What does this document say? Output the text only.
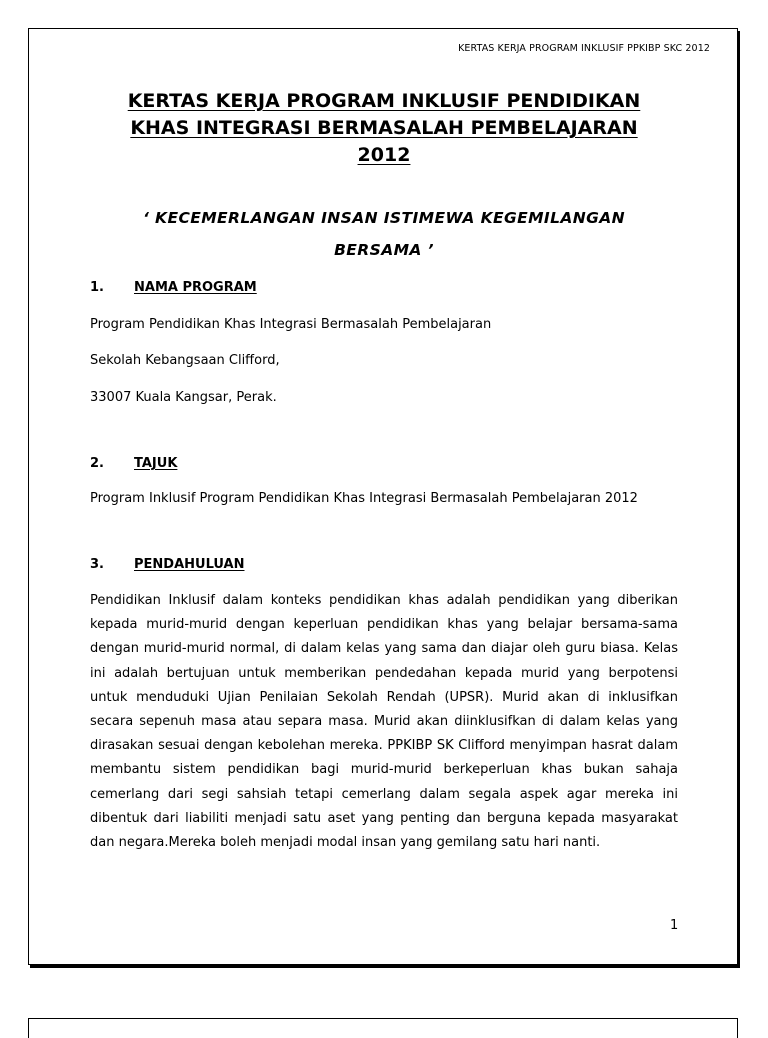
KERTAS KERJA PROGRAM INKLUSIF PPKIBP SKC 2012
KERTAS KERJA PROGRAM INKLUSIF PENDIDIKAN
KHAS INTEGRASI BERMASALAH PEMBELAJARAN
2012
‘ KECEMERLANGAN INSAN ISTIMEWA KEGEMILANGAN
BERSAMA ’
1. NAMA PROGRAM
Program Pendidikan Khas Integrasi Bermasalah Pembelajaran
Sekolah Kebangsaan Clifford,
33007 Kuala Kangsar, Perak.
2. TAJUK
Program Inklusif Program Pendidikan Khas Integrasi Bermasalah Pembelajaran 2012
3. PENDAHULUAN

Pendidikan Inklusif dalam konteks pendidikan khas adalah pendidikan yang diberikan kepada murid-murid dengan keperluan pendidikan khas yang belajar bersama-sama dengan murid-murid normal, di dalam kelas yang sama dan diajar oleh guru biasa. Kelas ini adalah bertujuan untuk memberikan pendedahan kepada murid yang berpotensi untuk menduduki Ujian Penilaian Sekolah Rendah (UPSR). Murid akan di inklusifkan secara sepenuh masa atau separa masa. Murid akan diinklusifkan di dalam kelas yang dirasakan sesuai dengan kebolehan mereka. PPKIBP SK Clifford menyimpan hasrat dalam membantu sistem pendidikan bagi murid-murid berkeperluan khas bukan sahaja cemerlang dari segi sahsiah tetapi cemerlang dalam segala aspek agar mereka ini dibentuk dari liabiliti menjadi satu aset yang penting dan berguna kepada masyarakat dan negara.Mereka boleh menjadi modal insan yang gemilang satu hari nanti.

1
